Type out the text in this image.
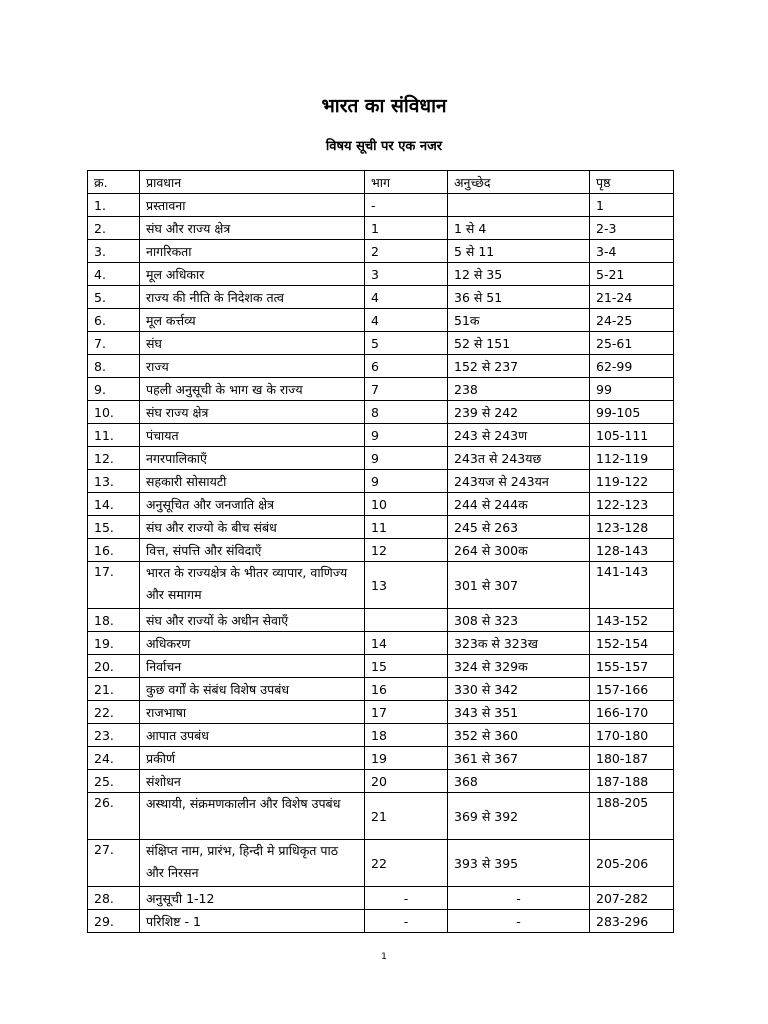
भारत का संविधान
विषय सूची पर एक नजर
क्र.	प्रावधान	भाग	अनुच्छेद	पृष्ठ
1.	प्रस्तावना	-		1
2.	संघ और राज्य क्षेत्र	1	1 से 4	2-3
3.	नागरिकता	2	5 से 11	3-4
4.	मूल अधिकार	3	12 से 35	5-21
5.	राज्य की नीति के निदेशक तत्व	4	36 से 51	21-24
6.	मूल कर्त्तव्य	4	51क	24-25
7.	संघ	5	52 से 151	25-61
8.	राज्य	6	152 से 237	62-99
9.	पहली अनुसूची के भाग ख के राज्य	7	238	99
10.	संघ राज्य क्षेत्र	8	239 से 242	99-105
11.	पंचायत	9	243 से 243ण	105-111
12.	नगरपालिकाएँ	9	243त से 243यछ	112-119
13.	सहकारी सोसायटी	9	243यज से 243यन	119-122
14.	अनुसूचित और जनजाति क्षेत्र	10	244 से 244क	122-123
15.	संघ और राज्यो के बीच संबंध	11	245 से 263	123-128
16.	वित्त, संपत्ति और संविदाएँ	12	264 से 300क	128-143
17.	भारत के राज्यक्षेत्र के भीतर व्यापार, वाणिज्य और समागम	13	301 से 307	141-143
18.	संघ और राज्यों के अधीन सेवाएँ		308 से 323	143-152
19.	अधिकरण	14	323क से 323ख	152-154
20.	निर्वाचन	15	324 से 329क	155-157
21.	कुछ वर्गों के संबंध विशेष उपबंध	16	330 से 342	157-166
22.	राजभाषा	17	343 से 351	166-170
23.	आपात उपबंध	18	352 से 360	170-180
24.	प्रकीर्ण	19	361 से 367	180-187
25.	संशोधन	20	368	187-188
26.	अस्थायी, संक्रमणकालीन और विशेष उपबंध	21	369 से 392	188-205
27.	संक्षिप्त नाम, प्रारंभ, हिन्दी मे प्राधिकृत पाठ और निरसन	22	393 से 395	205-206
28.	अनुसूची 1-12	-	-	207-282
29.	परिशिष्ट - 1	-	-	283-296
1
